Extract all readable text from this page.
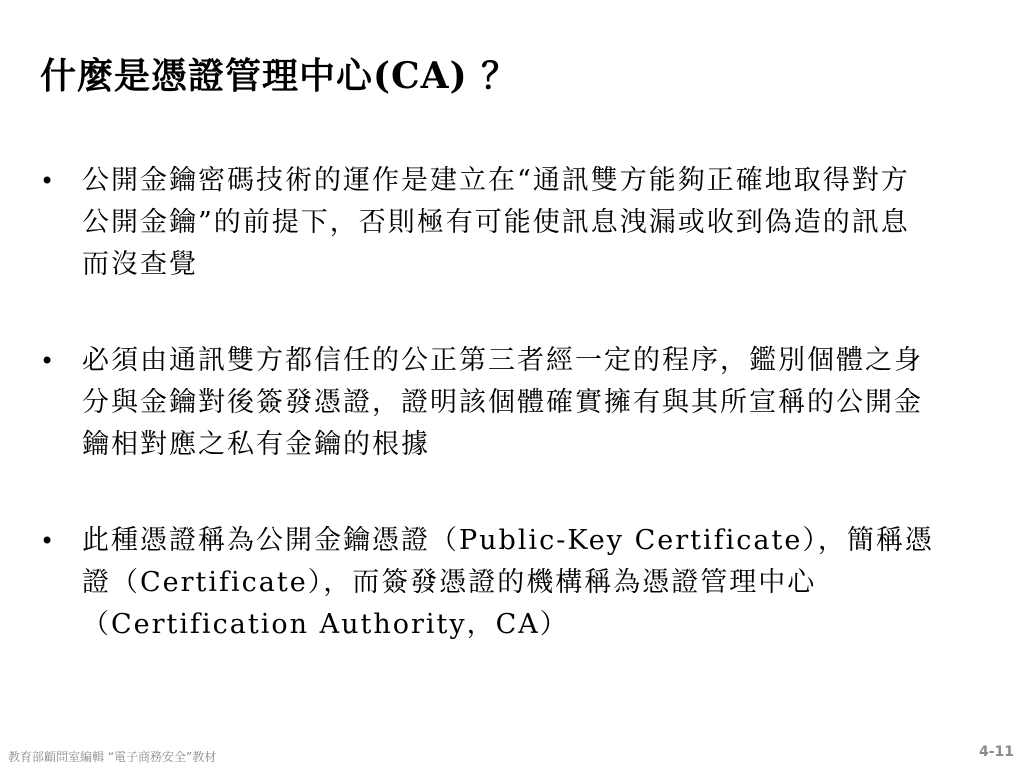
什麼是憑證管理中心(CA) ？
• 公開金鑰密碼技術的運作是建立在“通訊雙方能夠正確地取得對方公開金鑰”的前提下，否則極有可能使訊息洩漏或收到偽造的訊息而沒查覺
• 必須由通訊雙方都信任的公正第三者經一定的程序，鑑別個體之身分與金鑰對後簽發憑證，證明該個體確實擁有與其所宣稱的公開金鑰相對應之私有金鑰的根據
• 此種憑證稱為公開金鑰憑證（Public-Key Certificate），簡稱憑證（Certificate），而簽發憑證的機構稱為憑證管理中心（Certification Authority，CA）
教育部顧問室編輯 “電子商務安全”教材	4-11
